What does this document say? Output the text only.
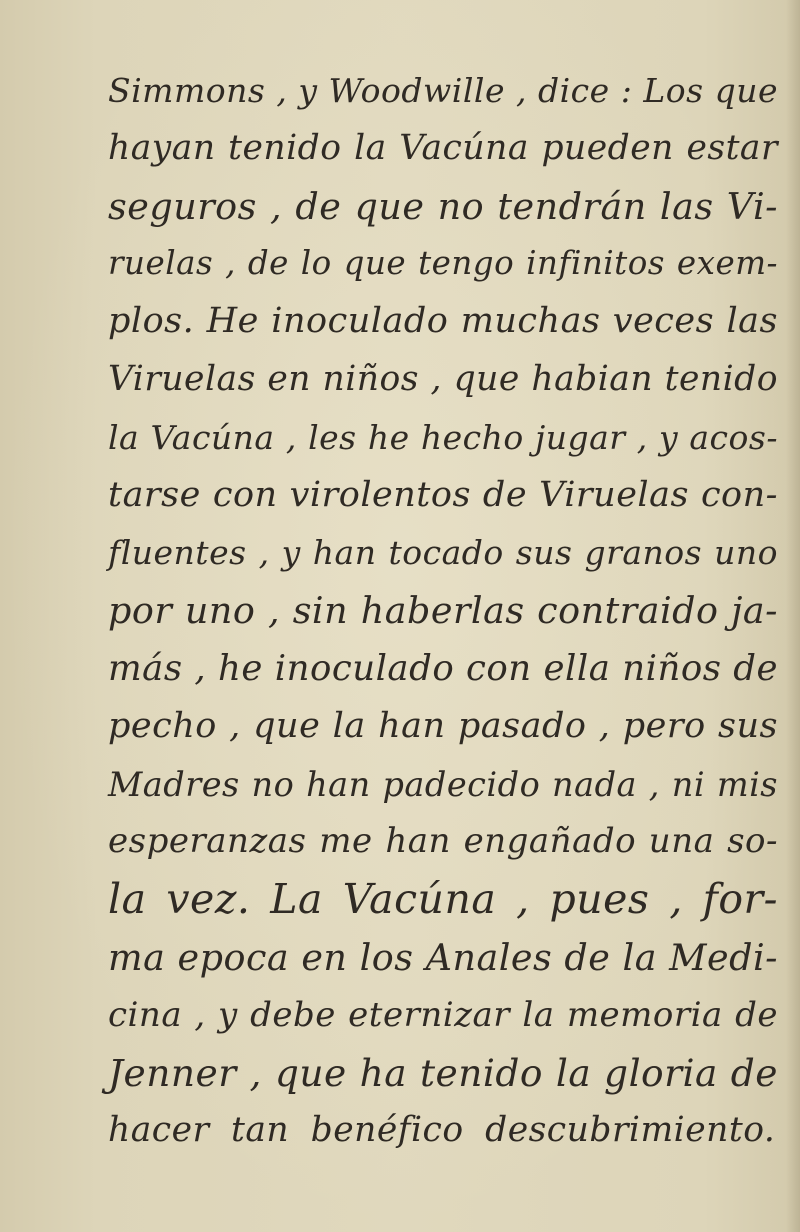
Simmons , y Woodwille , dice : Los que
hayan tenido la Vacúna pueden estar
seguros , de que no tendrán las Vi-
ruelas , de lo que tengo infinitos exem-
plos. He inoculado muchas veces las
Viruelas en niños , que habian tenido
la Vacúna , les he hecho jugar , y acos-
tarse con virolentos de Viruelas con-
fluentes , y han tocado sus granos uno
por uno , sin haberlas contraido ja-
más , he inoculado con ella niños de
pecho , que la han pasado , pero sus
Madres no han padecido nada , ni mis
esperanzas me han engañado una so-
la vez. La Vacúna , pues , for-
ma epoca en los Anales de la Medi-
cina , y debe eternizar la memoria de
Jenner , que ha tenido la gloria de
hacer tan benéfico descubrimiento.
